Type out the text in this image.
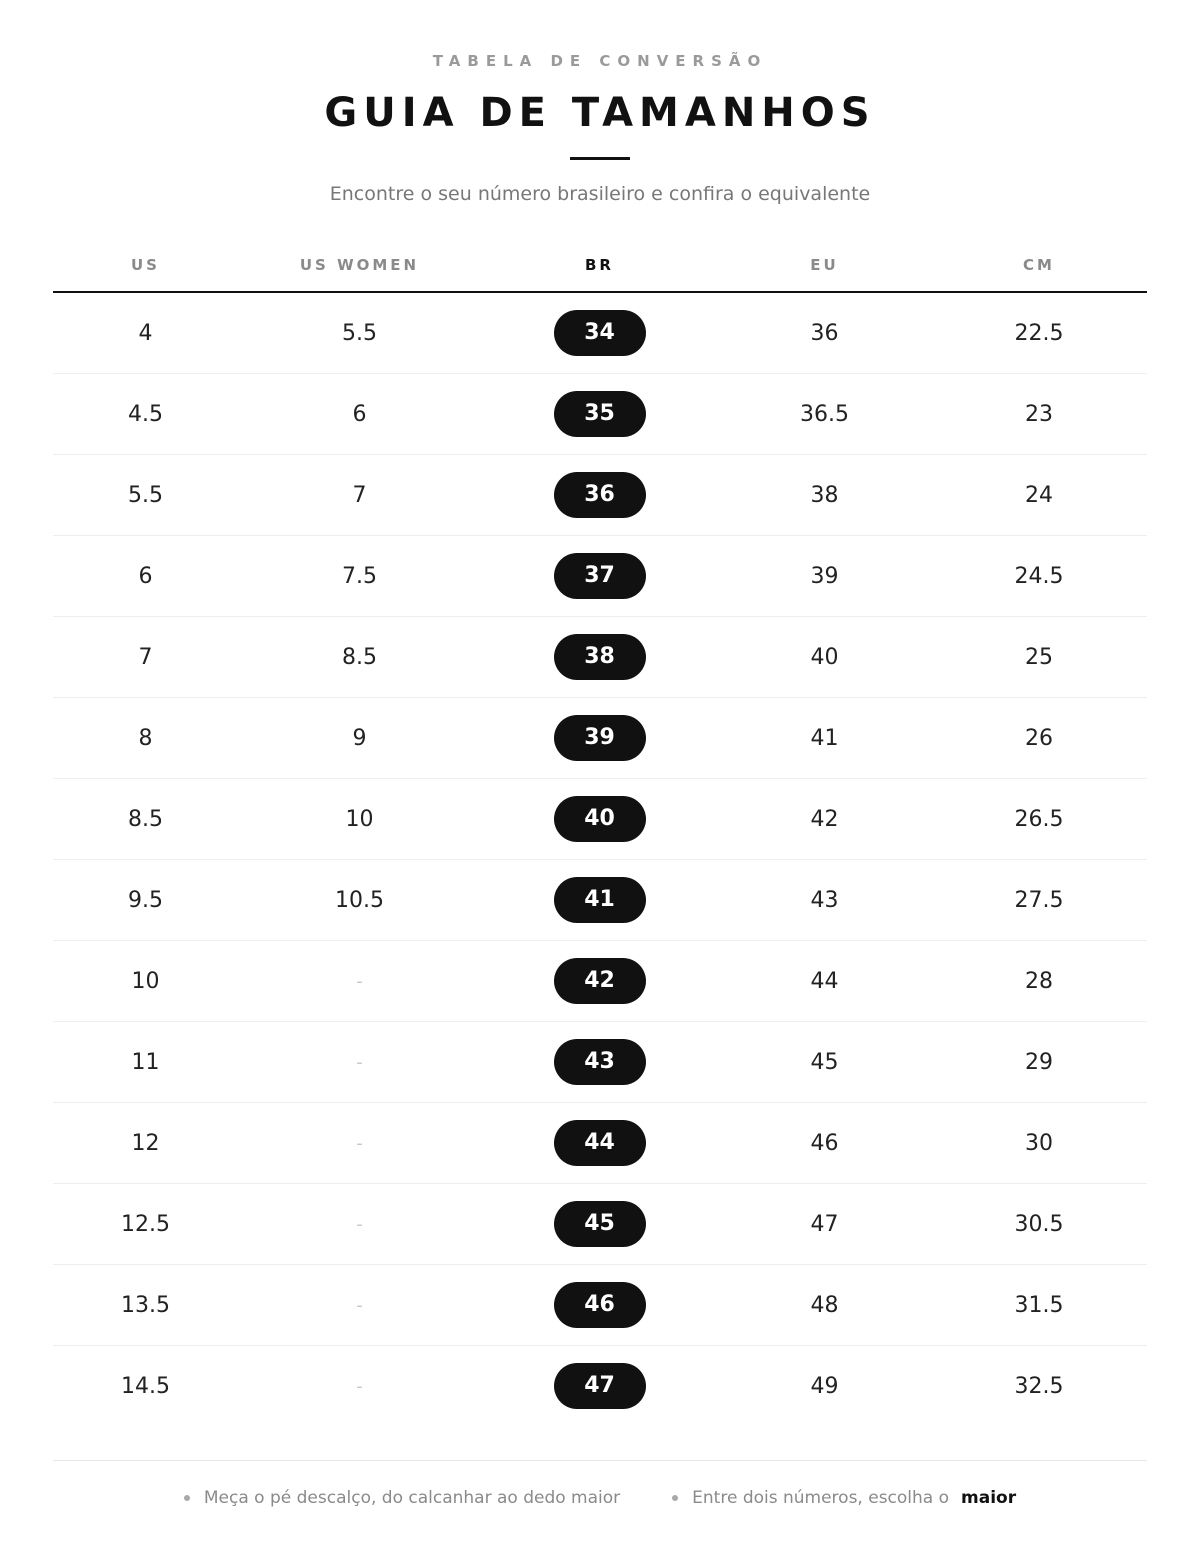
TABELA DE CONVERSÃO
GUIA DE TAMANHOS
Encontre o seu número brasileiro e confira o equivalente
US	US WOMEN	BR	EU	CM
4	5.5	34	36	22.5
4.5	6	35	36.5	23
5.5	7	36	38	24
6	7.5	37	39	24.5
7	8.5	38	40	25
8	9	39	41	26
8.5	10	40	42	26.5
9.5	10.5	41	43	27.5
10	-	42	44	28
11	-	43	45	29
12	-	44	46	30
12.5	-	45	47	30.5
13.5	-	46	48	31.5
14.5	-	47	49	32.5
Meça o pé descalço, do calcanhar ao dedo maior	Entre dois números, escolha o maior
